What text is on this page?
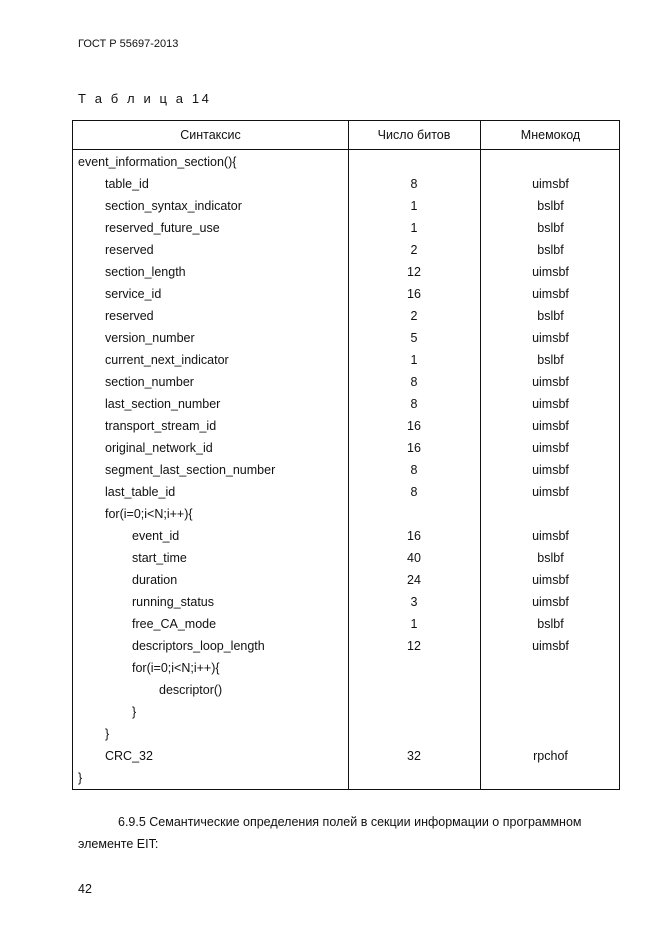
ГОСТ Р 55697-2013
Т а б л и ц а 14
Синтаксис	Число битов	Мнемокод
event_information_section(){
table_id	8	uimsbf
section_syntax_indicator	1	bslbf
reserved_future_use	1	bslbf
reserved	2	bslbf
section_length	12	uimsbf
service_id	16	uimsbf
reserved	2	bslbf
version_number	5	uimsbf
current_next_indicator	1	bslbf
section_number	8	uimsbf
last_section_number	8	uimsbf
transport_stream_id	16	uimsbf
original_network_id	16	uimsbf
segment_last_section_number	8	uimsbf
last_table_id	8	uimsbf
for(i=0;i<N;i++){
event_id	16	uimsbf
start_time	40	bslbf
duration	24	uimsbf
running_status	3	uimsbf
free_CA_mode	1	bslbf
descriptors_loop_length	12	uimsbf
for(i=0;i<N;i++){
descriptor()
}
}
CRC_32	32	rpchof
}
6.9.5 Семантические определения полей в секции информации о программном элементе EIT:
42
